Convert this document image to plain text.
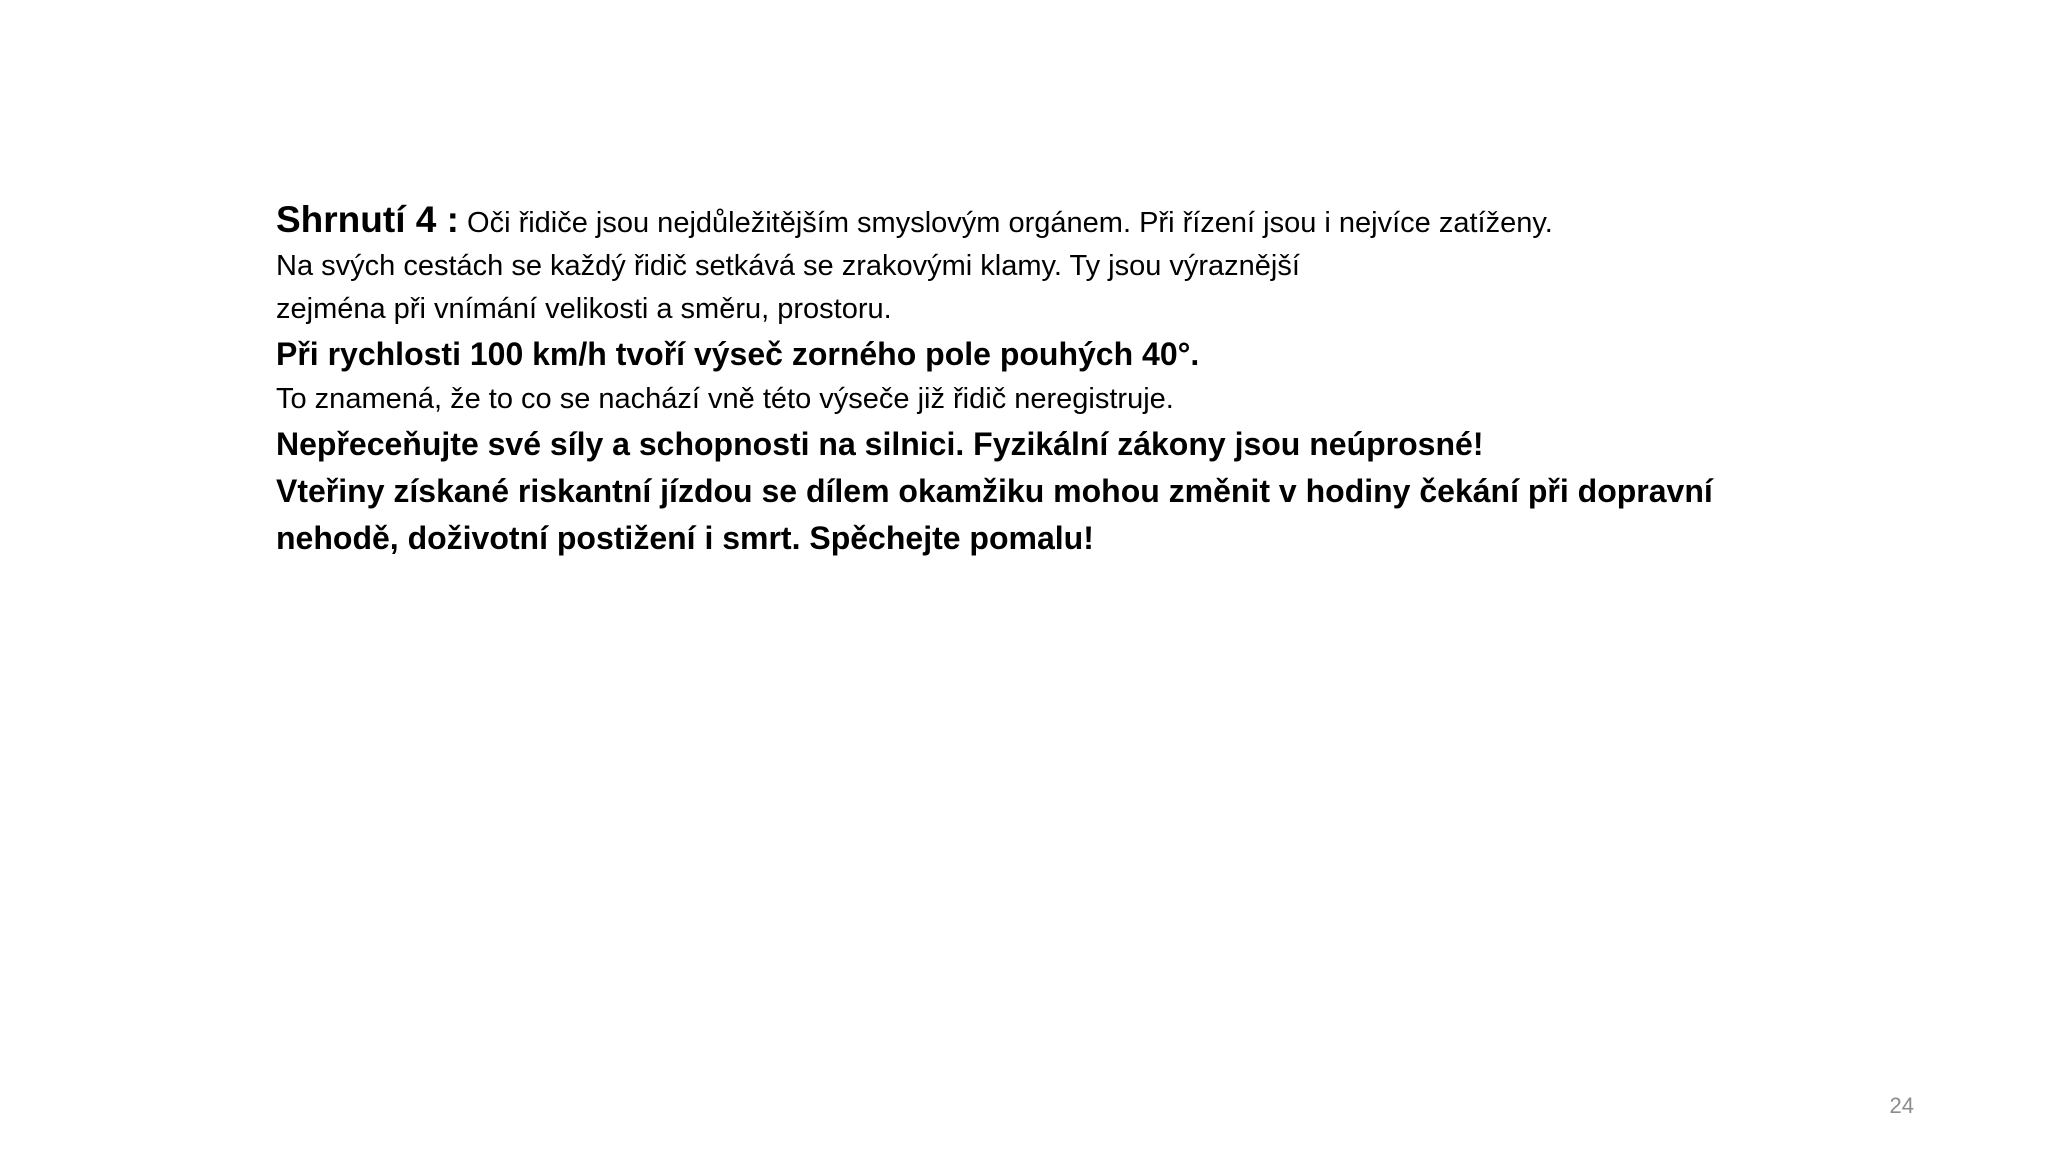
Shrnutí 4 : Oči řidiče jsou nejdůležitějším smyslovým orgánem. Při řízení jsou i nejvíce zatíženy.
Na svých cestách se každý řidič setkává se zrakovými klamy. Ty jsou výraznější
zejména při vnímání velikosti a směru, prostoru.
Při rychlosti 100 km/h tvoří výseč zorného pole pouhých 40°.
To znamená, že to co se nachází vně této výseče již řidič neregistruje.
Nepřeceňujte své síly a schopnosti na silnici. Fyzikální zákony jsou neúprosné!
Vteřiny získané riskantní jízdou se dílem okamžiku mohou změnit v hodiny čekání při dopravní
nehodě, doživotní postižení i smrt. Spěchejte pomalu!
24
